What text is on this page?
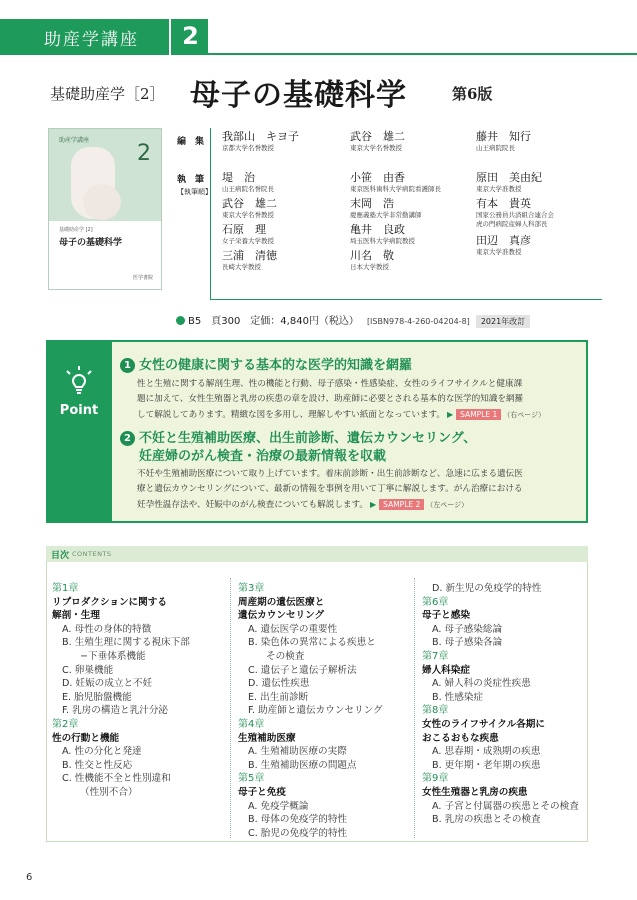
助産学講座	2
基礎助産学［2］ 母子の基礎科学	第6版
助産学講座
2
基礎助産学 [2]
母子の基礎科学
医学書院
編　集
執　筆
【執筆順】
我部山　キヨ子
京都大学名誉教授
武谷　雄二
東京大学名誉教授
藤井　知行
山王病院院長
堤　治
山王病院名誉院長
武谷　雄二
東京大学名誉教授
石原　理
女子栄養大学教授
三浦　清徳
長崎大学教授
小笹　由香
東京医科歯科大学病院看護師長
末岡　浩
慶應義塾大学非常勤講師
亀井　良政
埼玉医科大学病院教授
川名　敬
日本大学教授
原田　美由紀
東京大学准教授
有本　貴英
国家公務員共済組合連合会
虎の門病院産婦人科部長
田辺　真彦
東京大学准教授
B5　頁300　定価：4,840円（税込） [ISBN978-4-260-04204-8] 2021年改訂
Point
1 女性の健康に関する基本的な医学的知識を網羅
性と生殖に関する解剖生理、性の機能と行動、母子感染・性感染症、女性のライフサイクルと健康課
題に加えて、女性生殖器と乳房の疾患の章を設け、助産師に必要とされる基本的な医学的知識を網羅
して解説してあります。精緻な図を多用し、理解しやすい紙面となっています。 ▶ SAMPLE 1 （右ページ）
2 不妊と生殖補助医療、出生前診断、遺伝カウンセリング、
妊産婦のがん検査・治療の最新情報を収載
不妊や生殖補助医療について取り上げています。着床前診断・出生前診断など、急速に広まる遺伝医
療と遺伝カウンセリングについて、最新の情報を事例を用いて丁寧に解説します。がん治療における
妊孕性温存法や、妊娠中のがん検査についても解説します。 ▶ SAMPLE 2 （左ページ）
目次 CONTENTS
第1章
リプロダクションに関する
解剖・生理
A. 母性の身体的特徴
B. 生殖生理に関する視床下部
−下垂体系機能
C. 卵巣機能
D. 妊娠の成立と不妊
E. 胎児胎盤機能
F. 乳房の構造と乳汁分泌
第2章
性の行動と機能
A. 性の分化と発達
B. 性交と性反応
C. 性機能不全と性別違和
（性別不合）
第3章
周産期の遺伝医療と
遺伝カウンセリング
A. 遺伝医学の重要性
B. 染色体の異常による疾患と
その検査
C. 遺伝子と遺伝子解析法
D. 遺伝性疾患
E. 出生前診断
F. 助産師と遺伝カウンセリング
第4章
生殖補助医療
A. 生殖補助医療の実際
B. 生殖補助医療の問題点
第5章
母子と免疫
A. 免疫学概論
B. 母体の免疫学的特性
C. 胎児の免疫学的特性
D. 新生児の免疫学的特性
第6章
母子と感染
A. 母子感染総論
B. 母子感染各論
第7章
婦人科染症
A. 婦人科の炎症性疾患
B. 性感染症
第8章
女性のライフサイクル各期に
おこるおもな疾患
A. 思春期・成熟期の疾患
B. 更年期・老年期の疾患
第9章
女性生殖器と乳房の疾患
A. 子宮と付属器の疾患とその検査
B. 乳房の疾患とその検査
6
